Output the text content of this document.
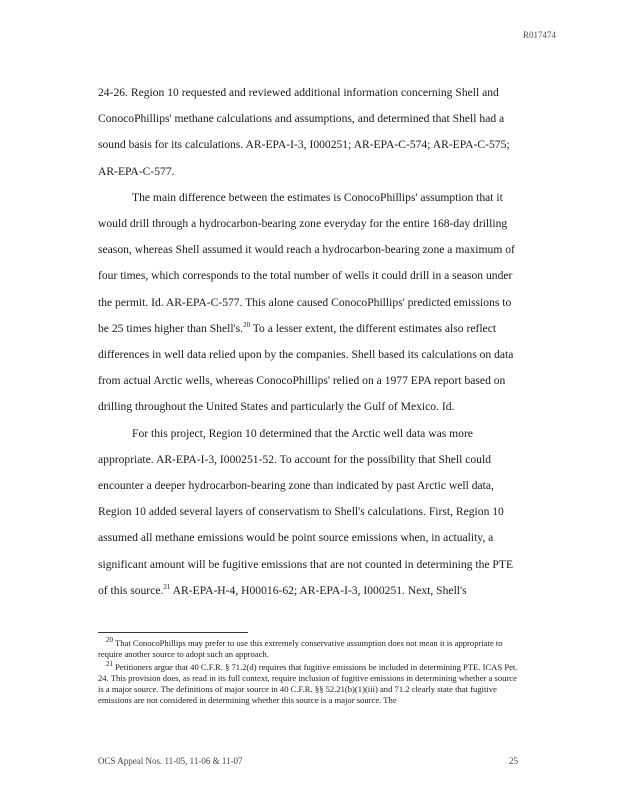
R017474

24-26. Region 10 requested and reviewed additional information concerning Shell and ConocoPhillips' methane calculations and assumptions, and determined that Shell had a sound basis for its calculations. AR-EPA-I-3, I000251; AR-EPA-C-574; AR-EPA-C-575; AR-EPA-C-577.

The main difference between the estimates is ConocoPhillips' assumption that it would drill through a hydrocarbon-bearing zone everyday for the entire 168-day drilling season, whereas Shell assumed it would reach a hydrocarbon-bearing zone a maximum of four times, which corresponds to the total number of wells it could drill in a season under the permit. Id. AR-EPA-C-577. This alone caused ConocoPhillips' predicted emissions to be 25 times higher than Shell's.$^{20}$ To a lesser extent, the different estimates also reflect differences in well data relied upon by the companies. Shell based its calculations on data from actual Arctic wells, whereas ConocoPhillips' relied on a 1977 EPA report based on drilling throughout the United States and particularly the Gulf of Mexico. Id.

For this project, Region 10 determined that the Arctic well data was more appropriate. AR-EPA-I-3, I000251-52. To account for the possibility that Shell could encounter a deeper hydrocarbon-bearing zone than indicated by past Arctic well data, Region 10 added several layers of conservatism to Shell's calculations. First, Region 10 assumed all methane emissions would be point source emissions when, in actuality, a significant amount will be fugitive emissions that are not counted in determining the PTE of this source.$^{21}$ AR-EPA-H-4, H00016-62; AR-EPA-I-3, I000251. Next, Shell's

$^{20}$ That ConocoPhillips may prefer to use this extremely conservative assumption does not mean it is appropriate to require another source to adopt such an approach.

$^{21}$ Petitioners argue that 40 C.F.R. § 71.2(d) requires that fugitive emissions be included in determining PTE. ICAS Pet. 24. This provision does, as read in its full context, require inclusion of fugitive emissions in determining whether a source is a major source. The definitions of major source in 40 C.F.R. §§ 52.21(b)(1)(iii) and 71.2 clearly state that fugitive emissions are not considered in determining whether this source is a major source. The

OCS Appeal Nos. 11-05, 11-06 & 11-07	25
